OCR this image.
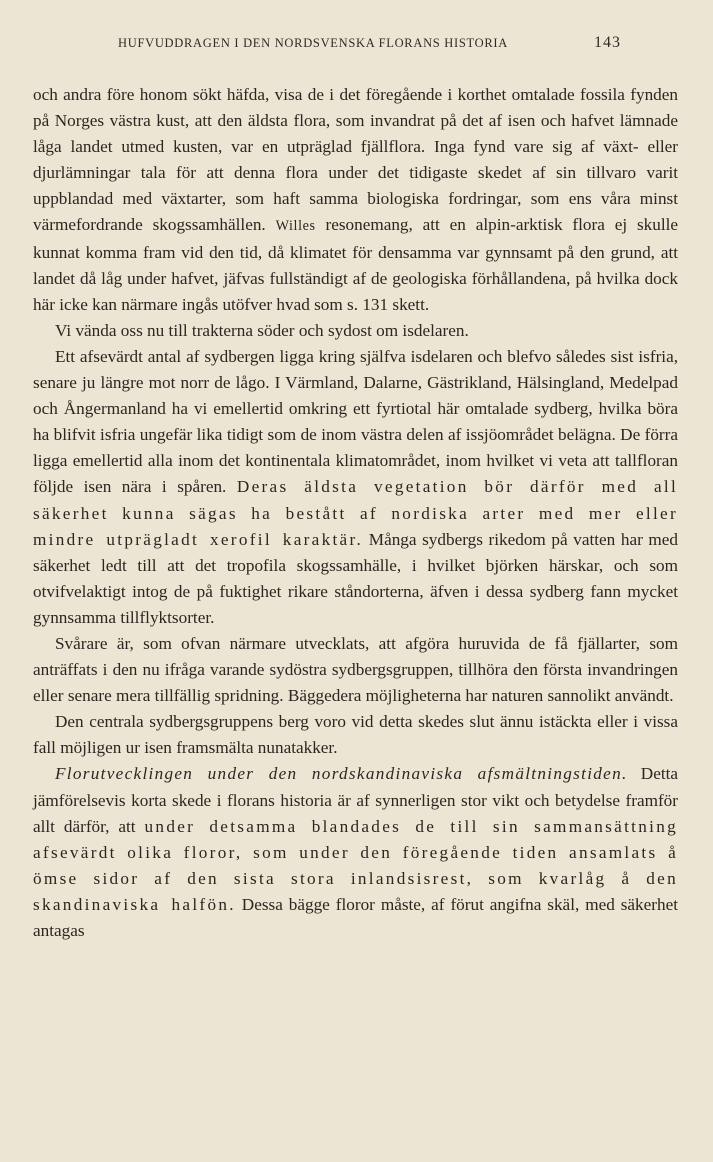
HUFVUDDRAGEN I DEN NORDSVENSKA FLORANS HISTORIA	143

och andra före honom sökt häfda, visa de i det föregående i korthet omtalade fossila fynden på Norges västra kust, att den äldsta flora, som invandrat på det af isen och hafvet lämnade låga landet utmed kusten, var en utpräglad fjällflora. Inga fynd vare sig af växt- eller djurlämningar tala för att denna flora under det tidigaste skedet af sin tillvaro varit uppblandad med växtarter, som haft samma biologiska fordringar, som ens våra minst värmefordrande skogssamhällen. Willes resonemang, att en alpin-arktisk flora ej skulle kunnat komma fram vid den tid, då klimatet för densamma var gynnsamt på den grund, att landet då låg under hafvet, jäfvas fullständigt af de geologiska förhållandena, på hvilka dock här icke kan närmare ingås utöfver hvad som s. 131 skett.

Vi vända oss nu till trakterna söder och sydost om isdelaren.

Ett afsevärdt antal af sydbergen ligga kring själfva isdelaren och blefvo således sist isfria, senare ju längre mot norr de lågo. I Värmland, Dalarne, Gästrikland, Hälsingland, Medelpad och Ångermanland ha vi emellertid omkring ett fyrtiotal här omtalade sydberg, hvilka böra ha blifvit isfria ungefär lika tidigt som de inom västra delen af issjöområdet belägna. De förra ligga emellertid alla inom det kontinentala klimatområdet, inom hvilket vi veta att tallfloran följde isen nära i spåren. Deras äldsta vegetation bör därför med all säkerhet kunna sägas ha bestått af nordiska arter med mer eller mindre utprägladt xerofil karaktär. Många sydbergs rikedom på vatten har med säkerhet ledt till att det tropofila skogssamhälle, i hvilket björken härskar, och som otvifvelaktigt intog de på fuktighet rikare ståndorterna, äfven i dessa sydberg fann mycket gynnsamma tillflyktsorter.

Svårare är, som ofvan närmare utvecklats, att afgöra huruvida de få fjällarter, som anträffats i den nu ifråga varande sydöstra sydbergsgruppen, tillhöra den första invandringen eller senare mera tillfällig spridning. Bäggedera möjligheterna har naturen sannolikt användt.

Den centrala sydbergsgruppens berg voro vid detta skedes slut ännu istäckta eller i vissa fall möjligen ur isen framsmälta nunatakker.

Florutvecklingen under den nordskandinaviska afsmältningstiden. Detta jämförelsevis korta skede i florans historia är af synnerligen stor vikt och betydelse framför allt därför, att under detsamma blandades de till sin sammansättning afsevärdt olika floror, som under den föregående tiden ansamlats å ömse sidor af den sista stora inlandsisrest, som kvarlåg å den skandinaviska halfön. Dessa bägge floror måste, af förut angifna skäl, med säkerhet antagas
